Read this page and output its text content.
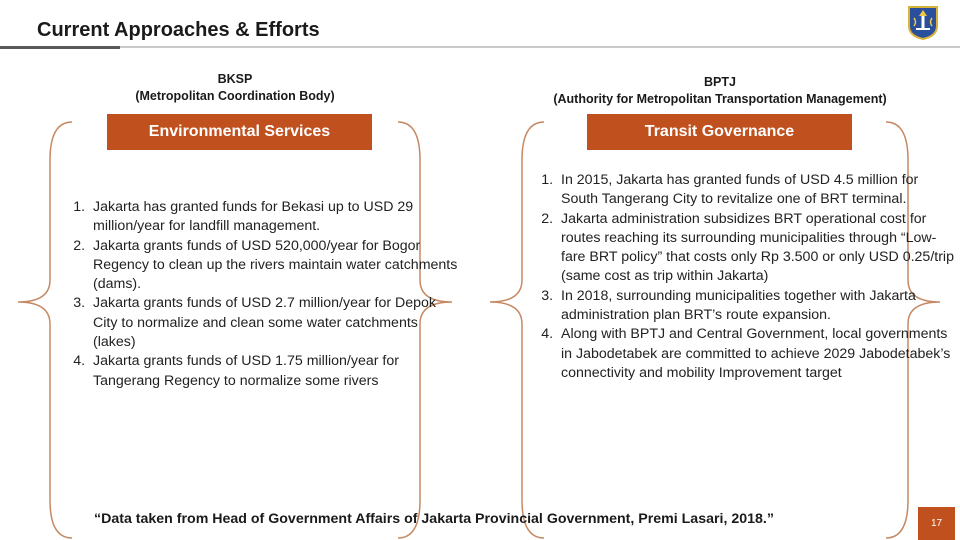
Current Approaches & Efforts
BKSP
(Metropolitan Coordination Body)
BPTJ
(Authority for Metropolitan Transportation Management)
Environmental Services	Transit Governance
1. Jakarta has granted funds for Bekasi up to USD 29 million/year for landfill management.
2. Jakarta grants funds of USD 520,000/year for Bogor Regency to clean up the rivers maintain water catchments (dams).
3. Jakarta grants funds of USD 2.7 million/year for Depok City to normalize and clean some water catchments (lakes)
4. Jakarta grants funds of USD 1.75 million/year for Tangerang Regency to normalize some rivers
1. In 2015, Jakarta has granted funds of USD 4.5 million for South Tangerang City to revitalize one of BRT terminal.
2. Jakarta administration subsidizes BRT operational cost for routes reaching its surrounding municipalities through “Low-fare BRT policy” that costs only Rp 3.500 or only USD 0.25/trip (same cost as trip within Jakarta)
3. In 2018, surrounding municipalities together with Jakarta administration plan BRT’s route expansion.
4. Along with BPTJ and Central Government, local governments in Jabodetabek are committed to achieve 2029 Jabodetabek’s connectivity and mobility Improvement target
“Data taken from Head of Government Affairs of Jakarta Provincial Government, Premi Lasari, 2018.”	17
